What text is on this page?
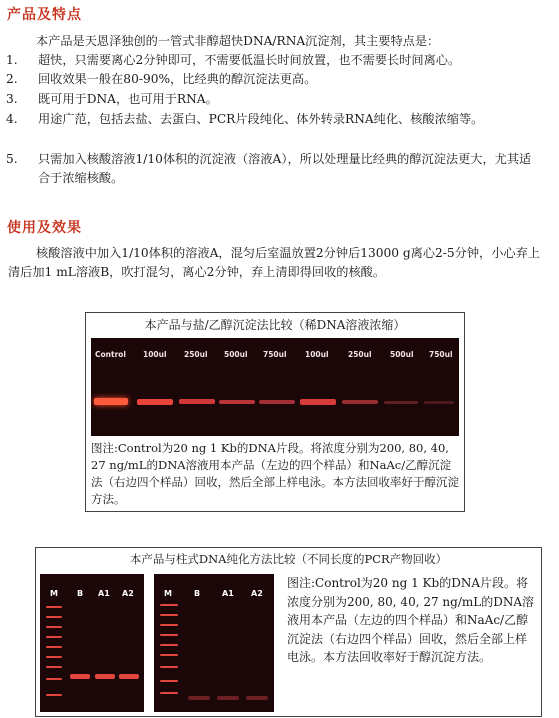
产品及特点
本产品是天恩泽独创的一管式非醇超快DNA/RNA沉淀剂，其主要特点是：
1. 超快，只需要离心2分钟即可，不需要低温长时间放置，也不需要长时间离心。
2. 回收效果一般在80-90%，比经典的醇沉淀法更高。
3. 既可用于DNA，也可用于RNA。
4. 用途广范，包括去盐、去蛋白、PCR片段纯化、体外转录RNA纯化、核酸浓缩等。
5. 只需加入核酸溶液1/10体积的沉淀液（溶液A），所以处理量比经典的醇沉淀法更大，尤其适合于浓缩核酸。
使用及效果
核酸溶液中加入1/10体积的溶液A，混匀后室温放置2分钟后13000 g离心2-5分钟，小心弃上清后加1 mL溶液B，吹打混匀，离心2分钟，弃上清即得回收的核酸。
本产品与盐/乙醇沉淀法比较（稀DNA溶液浓缩）
Control 100ul 250ul 500ul 750ul 100ul	250ul 500ul 750ul
图注:Control为20 ng 1 Kb的DNA片段。将浓度分别为200, 80, 40, 27 ng/mL的DNA溶液用本产品（左边的四个样品）和NaAc/乙醇沉淀法（右边四个样品）回收，然后全部上样电泳。本方法回收率好于醇沉淀方法。
本产品与柱式DNA纯化方法比较（不同长度的PCR产物回收）
M B A1 A2	M	B	A1 A2
图注:Control为20 ng 1 Kb的DNA片段。将浓度分别为200, 80, 40, 27 ng/mL的DNA溶液用本产品（左边的四个样品）和NaAc/乙醇沉淀法（右边四个样品）回收，然后全部上样电泳。本方法回收率好于醇沉淀方法。
